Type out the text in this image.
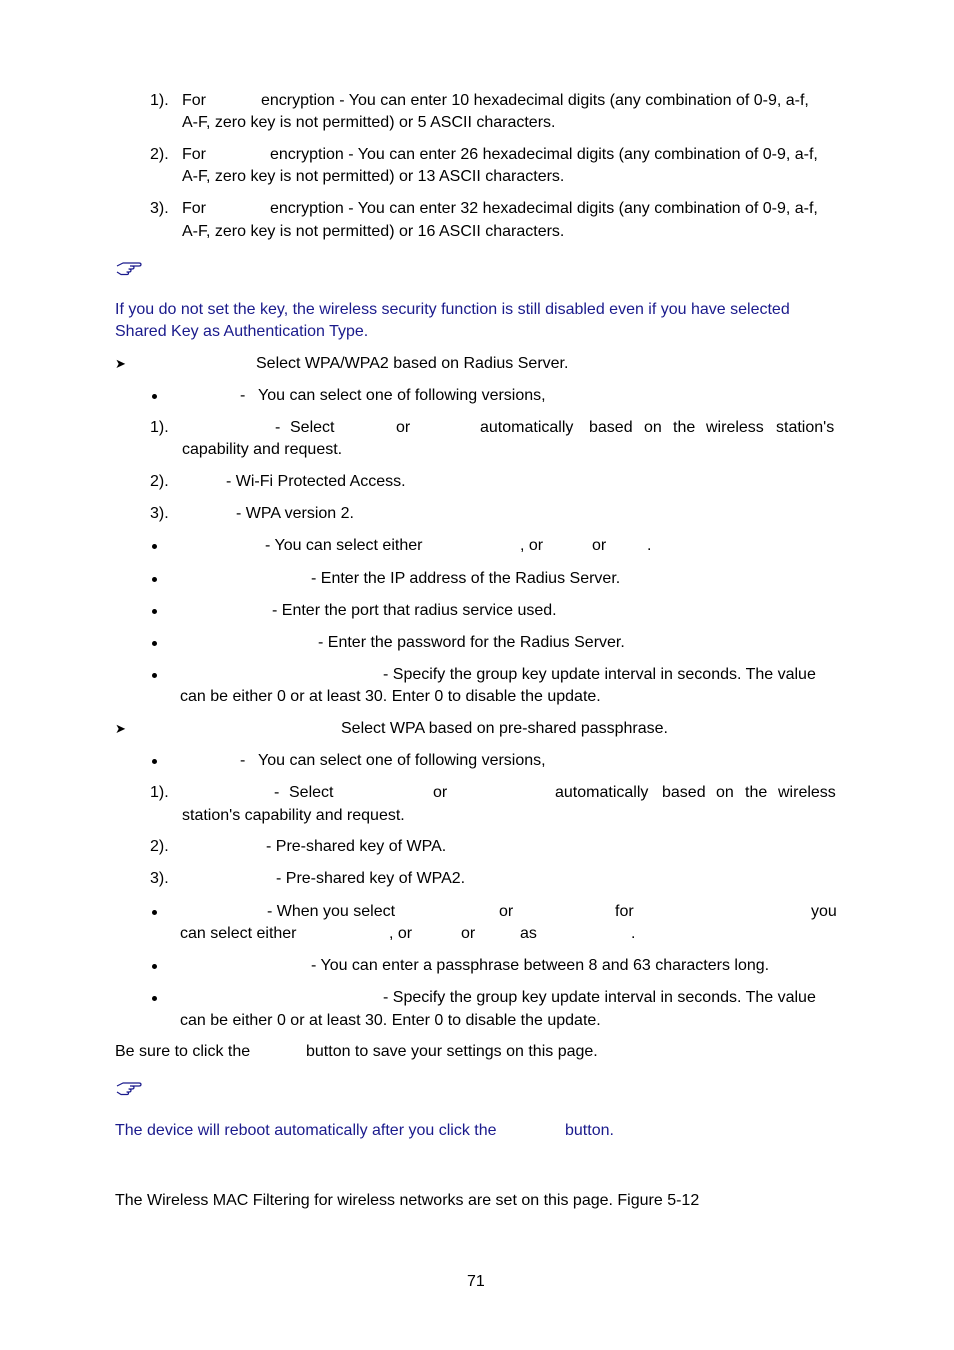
1). For	encryption - You can enter 10 hexadecimal digits (any combination of 0-9, a-f,
A-F, zero key is not permitted) or 5 ASCII characters.
2). For	encryption - You can enter 26 hexadecimal digits (any combination of 0-9, a-f,
A-F, zero key is not permitted) or 13 ASCII characters.
3). For	encryption - You can enter 32 hexadecimal digits (any combination of 0-9, a-f,
A-F, zero key is not permitted) or 16 ASCII characters.
If you do not set the key, the wireless security function is still disabled even if you have selected
Shared Key as Authentication Type.
➤	Select WPA/WPA2 based on Radius Server.
- You can select one of following versions,
1).	- Select	or	automatically based on the wireless station's
capability and request.
2).	- Wi-Fi Protected Access.
3).	- WPA version 2.
- You can select either	, or	or	.
- Enter the IP address of the Radius Server.
- Enter the port that radius service used.
- Enter the password for the Radius Server.
- Specify the group key update interval in seconds. The value
can be either 0 or at least 30. Enter 0 to disable the update.
➤	Select WPA based on pre-shared passphrase.
- You can select one of following versions,
1).	- Select	or	automatically based on the wireless
station's capability and request.
2).	- Pre-shared key of WPA.
3).	- Pre-shared key of WPA2.
- When you select	or	for	you
can select either	, or	or	as	.
- You can enter a passphrase between 8 and 63 characters long.
- Specify the group key update interval in seconds. The value
can be either 0 or at least 30. Enter 0 to disable the update.
Be sure to click the	button to save your settings on this page.
The device will reboot automatically after you click the	button.
The Wireless MAC Filtering for wireless networks are set on this page. Figure 5-12
71
